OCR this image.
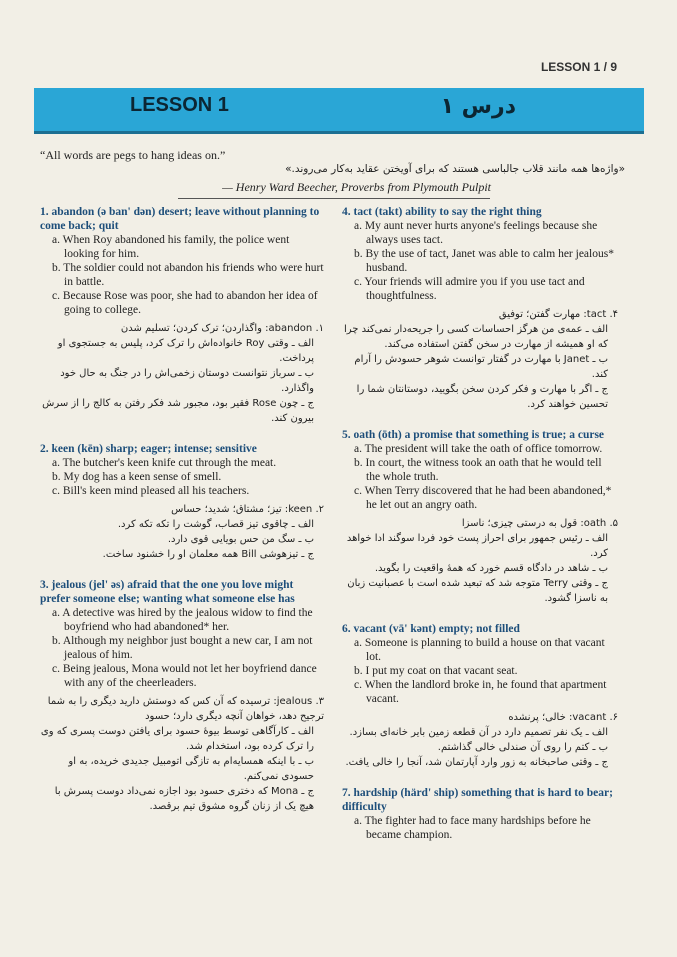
LESSON 1 / 9
LESSON 1	درس ۱
“All words are pegs to hang ideas on.”
«واژه‌ها همه مانند قلاب جالباسی هستند که برای آویختن عقاید به‌کار می‌روند.»
— Henry Ward Beecher, Proverbs from Plymouth Pulpit
1. abandon (ə ban' dən) desert; leave without planning to come back; quit
a. When Roy abandoned his family, the police went looking for him.
b. The soldier could not abandon his friends who were hurt in battle.
c. Because Rose was poor, she had to abandon her idea of going to college.
۱. abandon: واگذاردن؛ ترک کردن؛ تسلیم شدن
الف ـ وقتی Roy خانواده‌اش را ترک کرد، پلیس به جستجوی او پرداخت.
ب ـ سرباز نتوانست دوستان زخمی‌اش را در جنگ به حال خود واگذارد.
ج ـ چون Rose فقیر بود، مجبور شد فکر رفتن به کالج را از سرش بیرون کند.
2. keen (kēn) sharp; eager; intense; sensitive
a. The butcher's keen knife cut through the meat.
b. My dog has a keen sense of smell.
c. Bill's keen mind pleased all his teachers.
۲. keen: تیز؛ مشتاق؛ شدید؛ حساس
الف ـ چاقوی تیز قصاب، گوشت را تکه تکه کرد.
ب ـ سگ من حس بویایی قوی دارد.
ج ـ تیزهوشی Bill همه معلمان او را خشنود ساخت.
3. jealous (jel' əs) afraid that the one you love might prefer someone else; wanting what someone else has
a. A detective was hired by the jealous widow to find the boyfriend who had abandoned* her.
b. Although my neighbor just bought a new car, I am not jealous of him.
c. Being jealous, Mona would not let her boyfriend dance with any of the cheerleaders.
۳. jealous: ترسیده که آن کس که دوستش دارید دیگری را به شما ترجیح دهد، خواهان آنچه دیگری دارد؛ حسود
الف ـ کارآگاهی توسط بیوهٔ حسود برای یافتن دوست پسری که وی را ترک کرده بود، استخدام شد.
ب ـ با اینکه همسایه‌ام به تازگی اتومبیل جدیدی خریده، به او حسودی نمی‌کنم.
ج ـ Mona که دختری حسود بود اجازه نمی‌داد دوست پسرش با هیچ یک از زنان گروه مشوق تیم برقصد.
4. tact (takt) ability to say the right thing
a. My aunt never hurts anyone's feelings because she always uses tact.
b. By the use of tact, Janet was able to calm her jealous* husband.
c. Your friends will admire you if you use tact and thoughtfulness.
۴. tact: مهارت گفتن؛ توفیق
الف ـ عمه‌ی من هرگز احساسات کسی را جریحه‌دار نمی‌کند چرا که او همیشه از مهارت در سخن گفتن استفاده می‌کند.
ب ـ Janet با مهارت در گفتار توانست شوهر حسودش را آرام کند.
ج ـ اگر با مهارت و فکر کردن سخن بگویید، دوستانتان شما را تحسین خواهند کرد.
5. oath (ōth) a promise that something is true; a curse
a. The president will take the oath of office tomorrow.
b. In court, the witness took an oath that he would tell the whole truth.
c. When Terry discovered that he had been abandoned,* he let out an angry oath.
۵. oath: قول به درستی چیزی؛ ناسزا
الف ـ رئیس جمهور برای احراز پست خود فردا سوگند ادا خواهد کرد.
ب ـ شاهد در دادگاه قسم خورد که همهٔ واقعیت را بگوید.
ج ـ وقتی Terry متوجه شد که تبعید شده است با عصبانیت زبان به ناسزا گشود.
6. vacant (vā' kənt) empty; not filled
a. Someone is planning to build a house on that vacant lot.
b. I put my coat on that vacant seat.
c. When the landlord broke in, he found that apartment vacant.
۶. vacant: خالی؛ پرنشده
الف ـ یک نفر تصمیم دارد در آن قطعه زمین بایر خانه‌ای بسازد.
ب ـ کتم را روی آن صندلی خالی گذاشتم.
ج ـ وقتی صاحبخانه به زور وارد آپارتمان شد، آنجا را خالی یافت.
7. hardship (härd' ship) something that is hard to bear; difficulty
a. The fighter had to face many hardships before he became champion.
